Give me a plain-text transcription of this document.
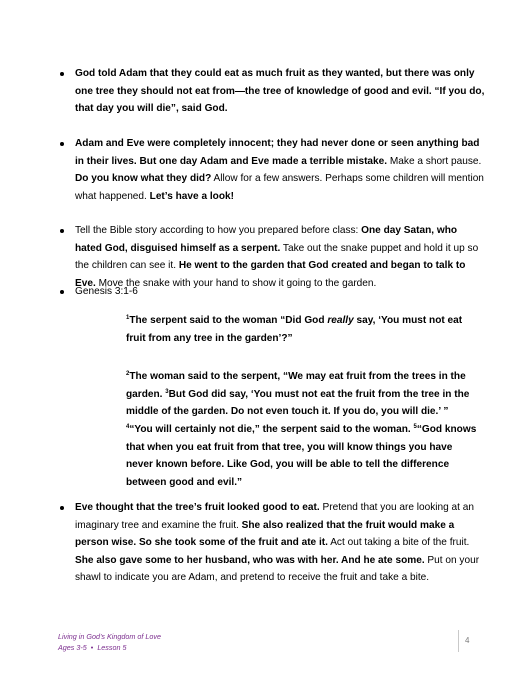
God told Adam that they could eat as much fruit as they wanted, but there was only one tree they should not eat from—the tree of knowledge of good and evil. “If you do, that day you will die”, said God.
Adam and Eve were completely innocent; they had never done or seen anything bad in their lives. But one day Adam and Eve made a terrible mistake. Make a short pause. Do you know what they did? Allow for a few answers. Perhaps some children will mention what happened. Let’s have a look!
Tell the Bible story according to how you prepared before class: One day Satan, who hated God, disguised himself as a serpent. Take out the snake puppet and hold it up so the children can see it. He went to the garden that God created and began to talk to Eve. Move the snake with your hand to show it going to the garden.
Genesis 3:1-6
$^1$The serpent said to the woman “Did God really say, ‘You must not eat fruit from any tree in the garden’?”
$^2$The woman said to the serpent, “We may eat fruit from the trees in the garden. $^3$But God did say, ‘You must not eat the fruit from the tree in the middle of the garden. Do not even touch it. If you do, you will die.’ ”
$^4$“You will certainly not die,” the serpent said to the woman. $^5$“God knows that when you eat fruit from that tree, you will know things you have never known before. Like God, you will be able to tell the difference between good and evil.”
Eve thought that the tree’s fruit looked good to eat. Pretend that you are looking at an imaginary tree and examine the fruit. She also realized that the fruit would make a person wise. So she took some of the fruit and ate it. Act out taking a bite of the fruit. She also gave some to her husband, who was with her. And he ate some. Put on your shawl to indicate you are Adam, and pretend to receive the fruit and take a bite.
Living in God’s Kingdom of Love
Ages 3-5 • Lesson 5
4
